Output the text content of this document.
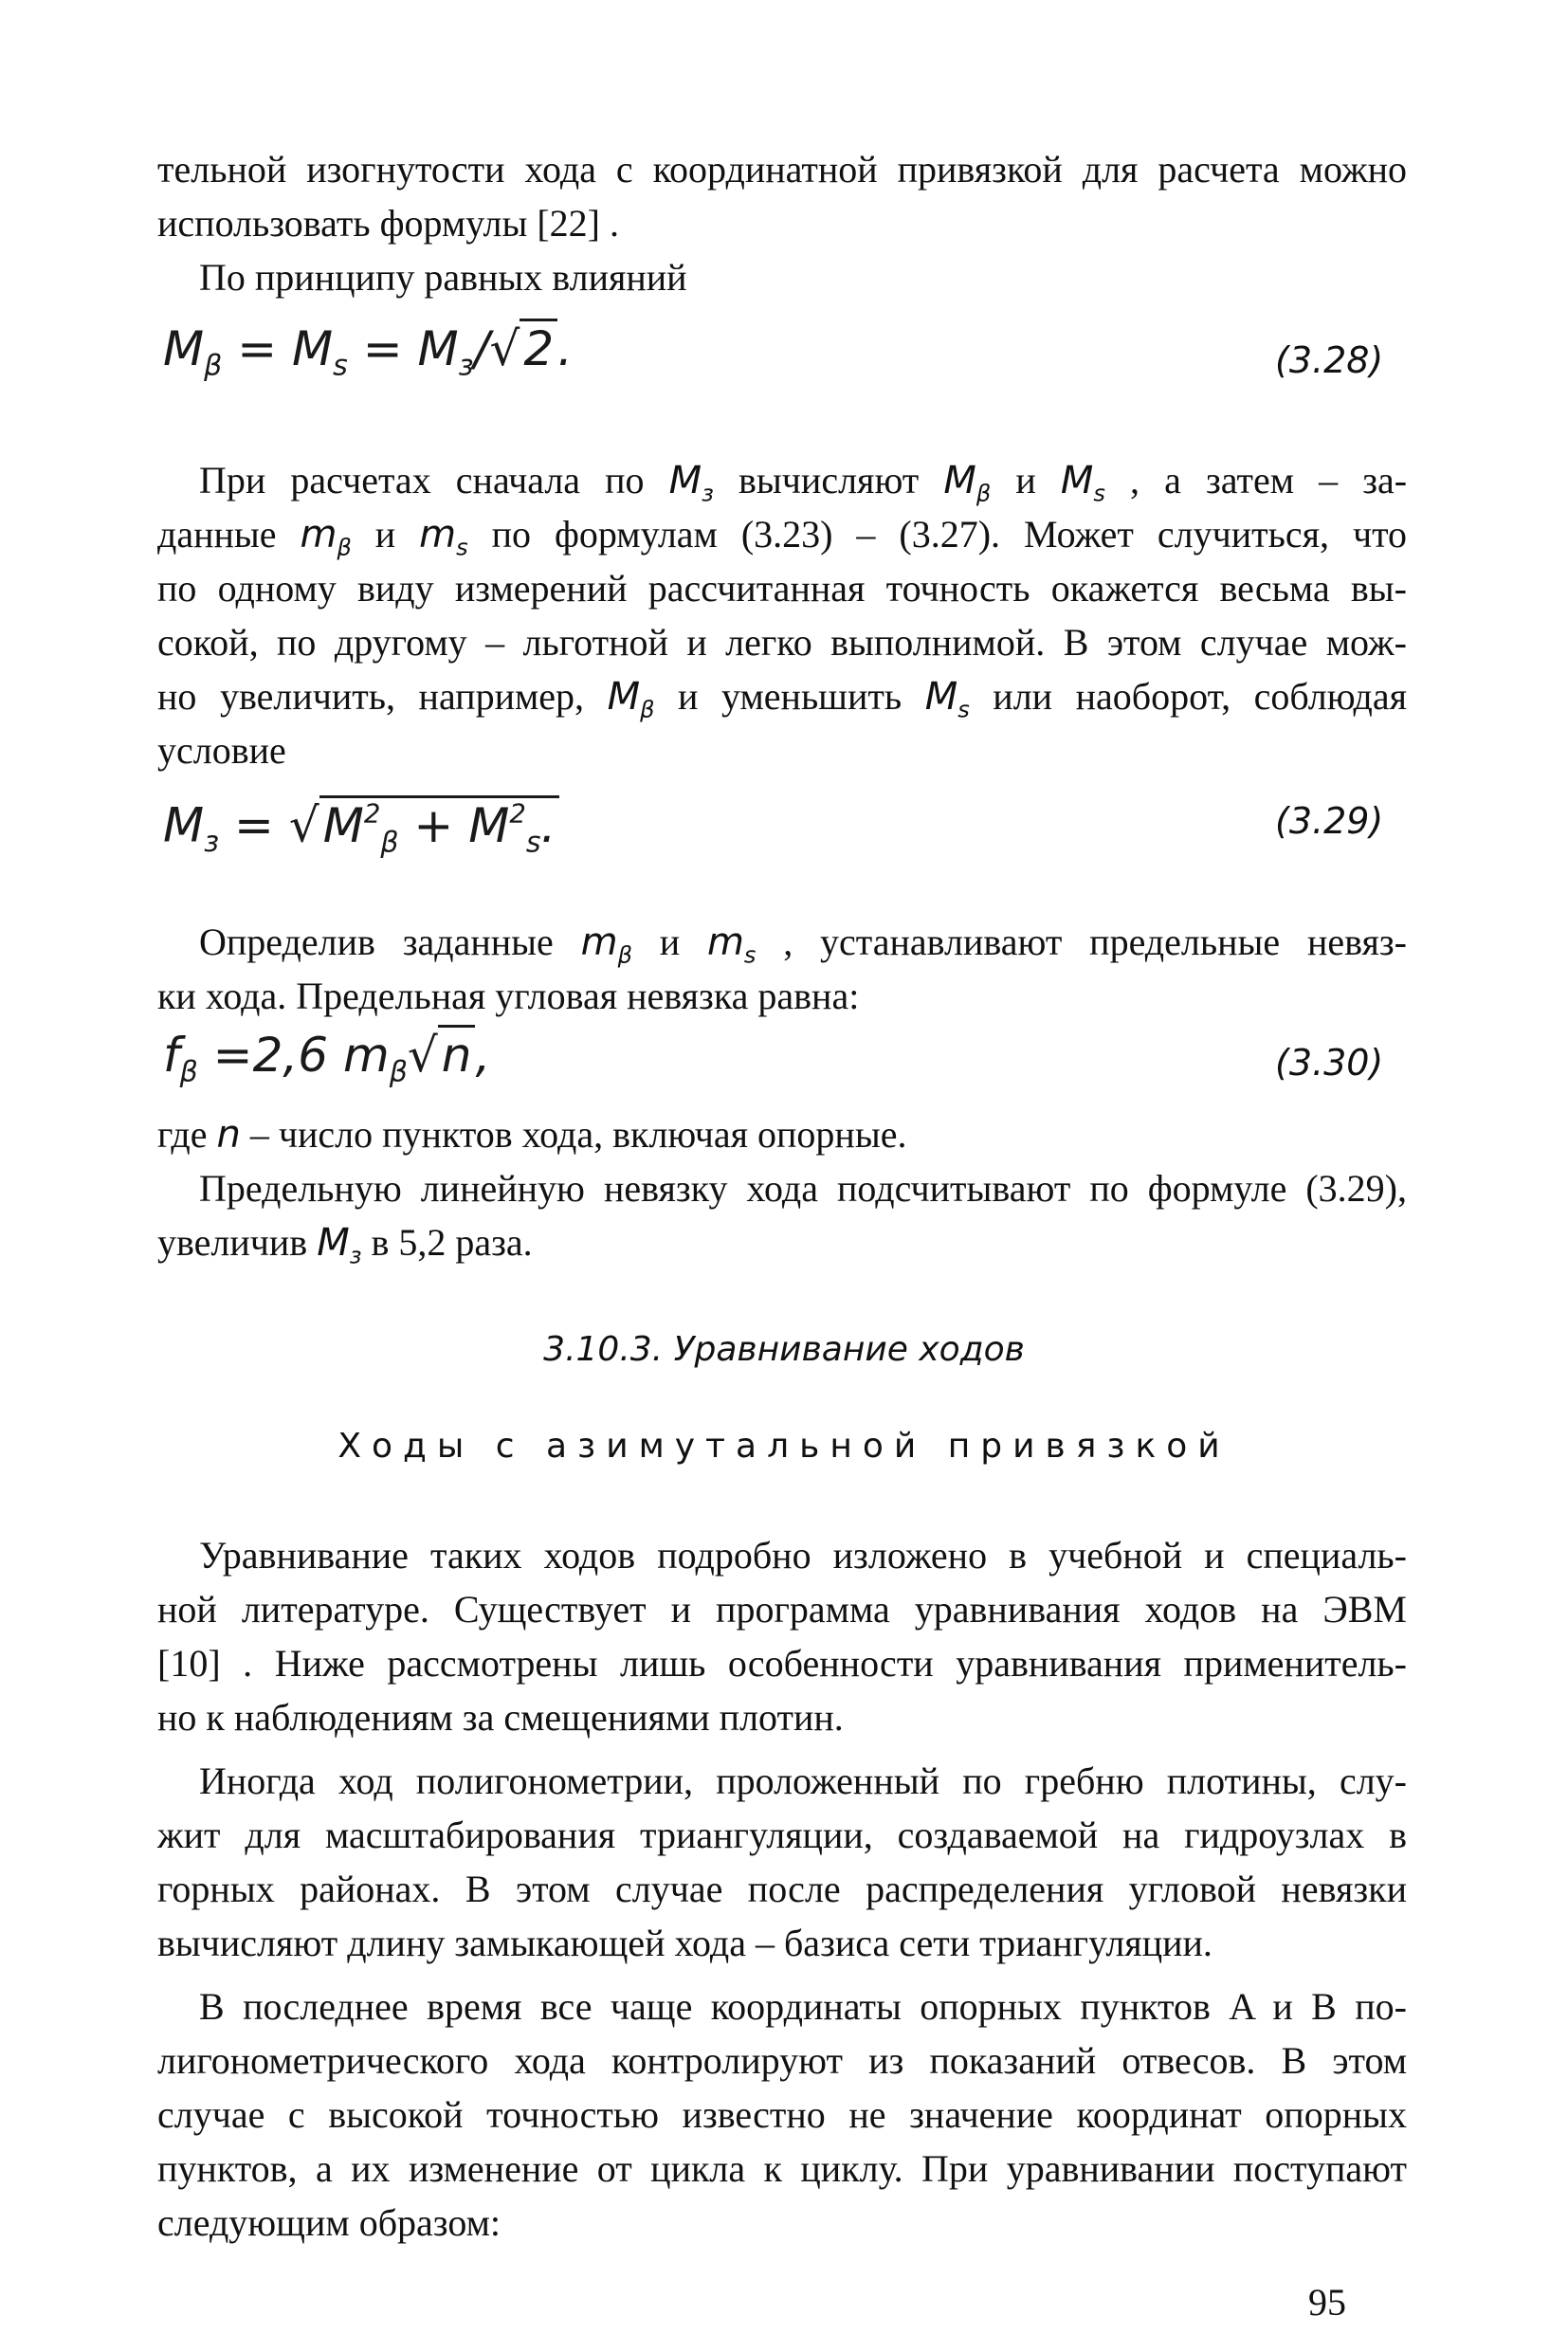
тельной изогнутости хода с координатной привязкой для расчета можно
использовать формулы [22] .
По принципу равных влияний
$M_\beta = M_s = M_з/√2$.	(3.28)
При расчетах сначала по $M_з$ вычисляют $M_\beta$ и $M_s$ , а затем – за-
данные $m_\beta$ и $m_s$ по формулам (3.23) – (3.27). Может случиться, что
по одному виду измерений рассчитанная точность окажется весьма вы-
сокой, по другому – льготной и легко выполнимой. В этом случае мож-
но увеличить, например, $M_\beta$ и уменьшить $M_s$ или наоборот, соблюдая
условие
$M_з = √M^2_\beta + M^2_s$.	(3.29)
Определив заданные $m_\beta$ и $m_s$ , устанавливают предельные невяз-
ки хода. Предельная угловая невязка равна:
$f_\beta =2,6$ $m_\beta√n$,	(3.30)
где n – число пунктов хода, включая опорные.
Предельную линейную невязку хода подсчитывают по формуле (3.29),
увеличив $M_з$ в 5,2 раза.
3.10.3. Уравнивание ходов
Ходы с азимутальной привязкой
Уравнивание таких ходов подробно изложено в учебной и специаль-
ной литературе. Существует и программа уравнивания ходов на ЭВМ
[10] . Ниже рассмотрены лишь особенности уравнивания применитель-
но к наблюдениям за смещениями плотин.
Иногда ход полигонометрии, проложенный по гребню плотины, слу-
жит для масштабирования триангуляции, создаваемой на гидроузлах в
горных районах. В этом случае после распределения угловой невязки
вычисляют длину замыкающей хода – базиса сети триангуляции.
В последнее время все чаще координаты опорных пунктов A и B по-
лигонометрического хода контролируют из показаний отвесов. В этом
случае с высокой точностью известно не значение координат опорных
пунктов, а их изменение от цикла к циклу. При уравнивании поступают
следующим образом:
95
